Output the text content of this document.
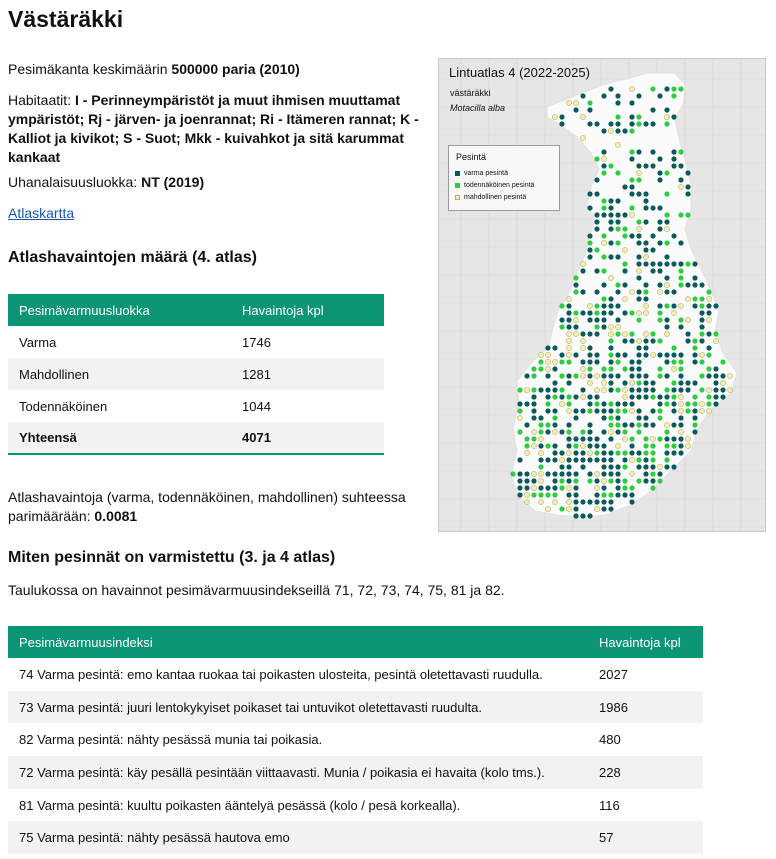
Västäräkki

Pesimäkanta keskimäärin 500000 paria (2010)

Habitaatit: I - Perinneympäristöt ja muut ihmisen muuttamat ympäristöt; Rj - järven- ja joenrannat; Ri - Itämeren rannat; K - Kalliot ja kivikot; S - Suot; Mkk - kuivahkot ja sitä karummat kankaat

Uhanalaisuusluokka: NT (2019)

Atlaskartta

Atlashavaintojen määrä (4. atlas)
Pesimävarmuusluokka	Havaintoja kpl
Varma	1746
Mahdollinen	1281
Todennäköinen	1044
Yhteensä	4071

Atlashavaintoja (varma, todennäköinen, mahdollinen) suhteessa parimäärään: 0.0081

Miten pesinnät on varmistettu (3. ja 4 atlas)

Taulukossa on havainnot pesimävarmuusindekseillä 71, 72, 73, 74, 75, 81 ja 82.

Pesimävarmuusindeksi	Havaintoja kpl
74 Varma pesintä: emo kantaa ruokaa tai poikasten ulosteita, pesintä oletettavasti ruudulla.	2027
73 Varma pesintä: juuri lentokykyiset poikaset tai untuvikot oletettavasti ruudulta.	1986
82 Varma pesintä: nähty pesässä munia tai poikasia.	480
72 Varma pesintä: käy pesällä pesintään viittaavasti. Munia / poikasia ei havaita (kolo tms.).	228
81 Varma pesintä: kuultu poikasten ääntelyä pesässä (kolo / pesä korkealla).	116
75 Varma pesintä: nähty pesässä hautova emo	57
Lintuatlas 4 (2022-2025)
västäräkki
Motacilla alba
Pesintä
varma pesintä
todennäköinen pesintä
mahdollinen pesintä
